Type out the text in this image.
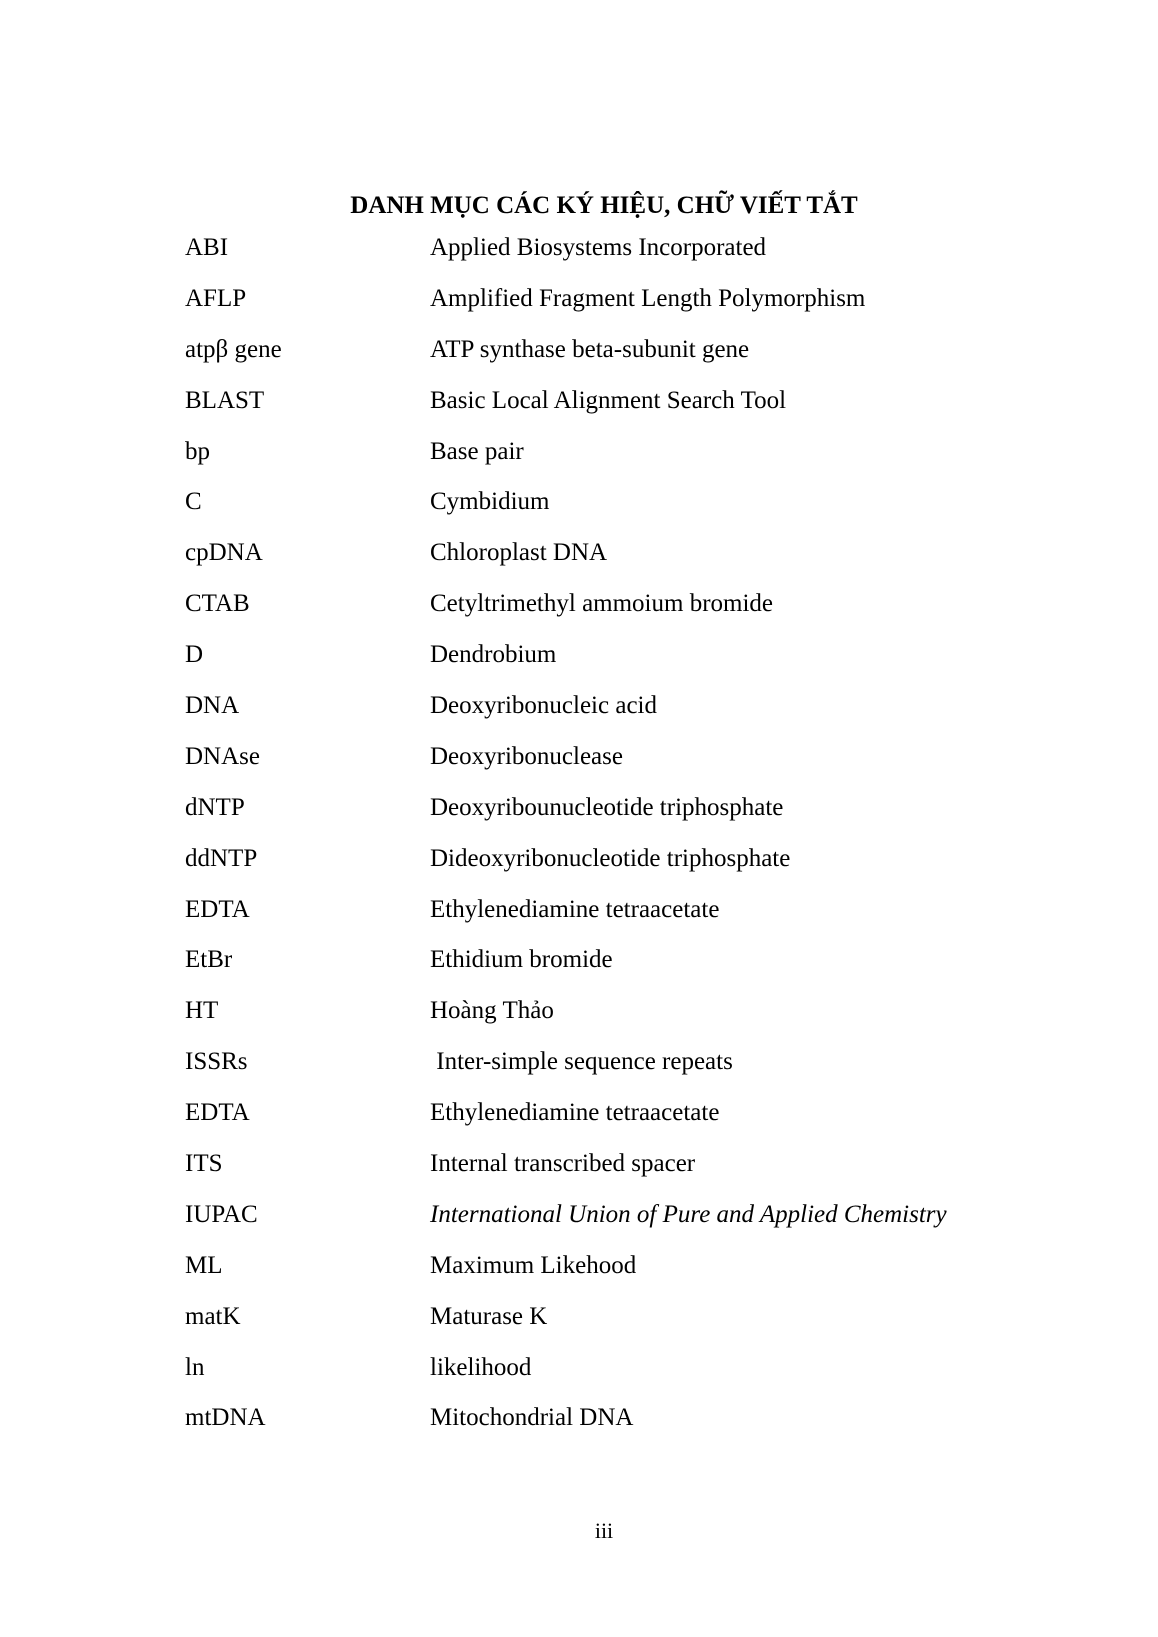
DANH MỤC CÁC KÝ HIỆU, CHỮ VIẾT TẮT
ABI	Applied Biosystems Incorporated
AFLP	Amplified Fragment Length Polymorphism
atpβ gene	ATP synthase beta-subunit gene
BLAST	Basic Local Alignment Search Tool
bp	Base pair
C	Cymbidium
cpDNA	Chloroplast DNA
CTAB	Cetyltrimethyl ammoium bromide
D	Dendrobium
DNA	Deoxyribonucleic acid
DNAse	Deoxyribonuclease
dNTP	Deoxyribounucleotide triphosphate
ddNTP	Dideoxyribonucleotide triphosphate
EDTA	Ethylenediamine tetraacetate
EtBr	Ethidium bromide
HT	Hoàng Thảo
ISSRs	Inter-simple sequence repeats
EDTA	Ethylenediamine tetraacetate
ITS	Internal transcribed spacer
IUPAC	International Union of Pure and Applied Chemistry
ML	Maximum Likehood
matK	Maturase K
ln	likelihood
mtDNA	Mitochondrial DNA
iii
